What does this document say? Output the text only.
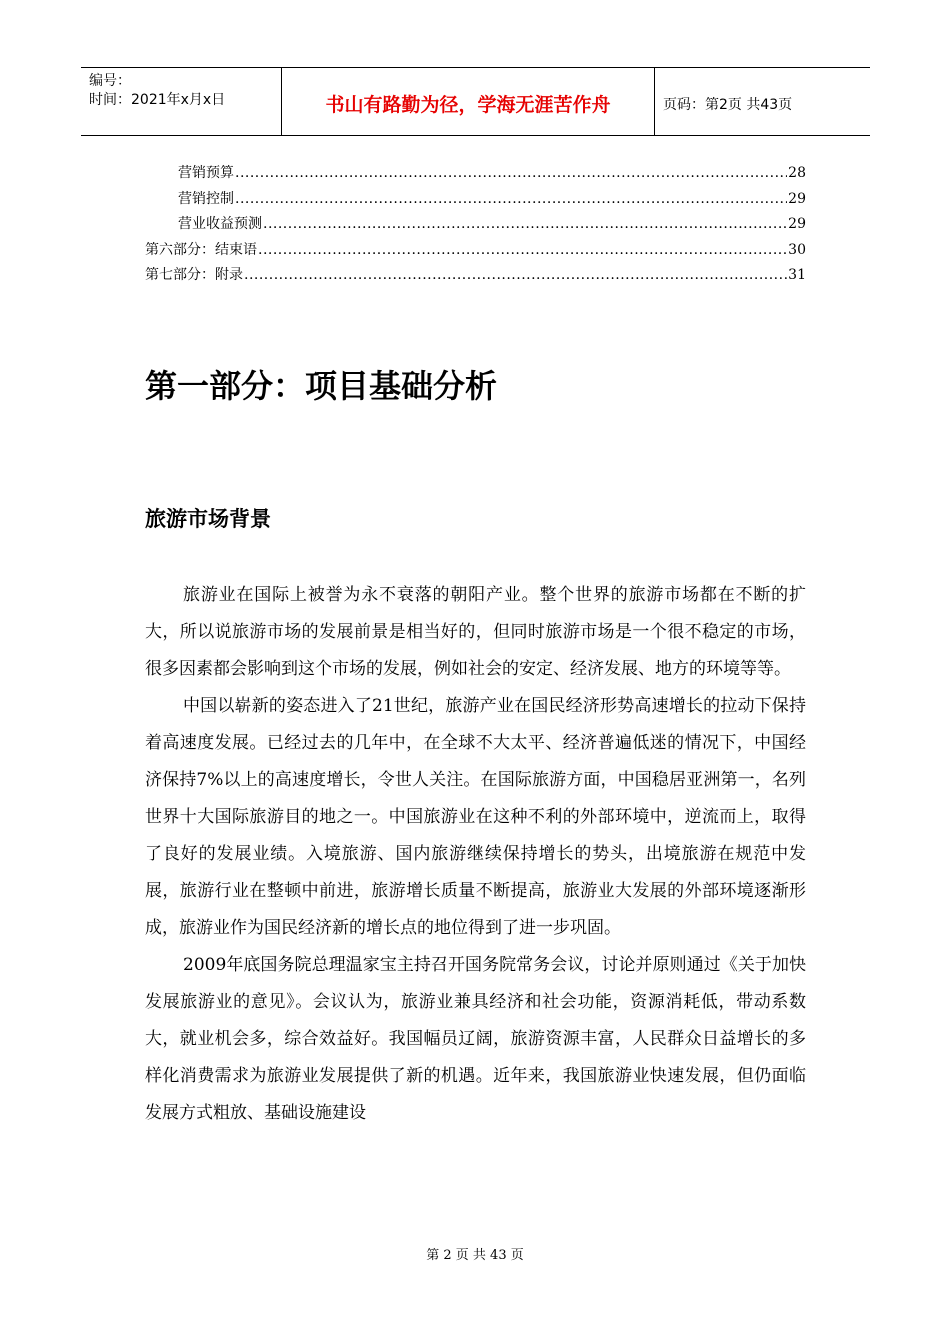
编号：
时间：2021年x月x日	书山有路勤为径，学海无涯苦作舟	页码：第2页 共43页
营销预算 .....	28
营销控制 .....	29
营业收益预测 .....	29
第六部分：结束语 .....	30
第七部分：附录 .....	31
第一部分：项目基础分析
旅游市场背景

旅游业在国际上被誉为永不衰落的朝阳产业。整个世界的旅游市场都在不断的扩大，所以说旅游市场的发展前景是相当好的，但同时旅游市场是一个很不稳定的市场，很多因素都会影响到这个市场的发展，例如社会的安定、经济发展、地方的环境等等。

中国以崭新的姿态进入了21世纪，旅游产业在国民经济形势高速增长的拉动下保持着高速度发展。已经过去的几年中，在全球不大太平、经济普遍低迷的情况下，中国经济保持7%以上的高速度增长，令世人关注。在国际旅游方面，中国稳居亚洲第一，名列世界十大国际旅游目的地之一。中国旅游业在这种不利的外部环境中，逆流而上，取得了良好的发展业绩。入境旅游、国内旅游继续保持增长的势头，出境旅游在规范中发展，旅游行业在整顿中前进，旅游增长质量不断提高，旅游业大发展的外部环境逐渐形成，旅游业作为国民经济新的增长点的地位得到了进一步巩固。

2009年底国务院总理温家宝主持召开国务院常务会议，讨论并原则通过《关于加快发展旅游业的意见》。会议认为，旅游业兼具经济和社会功能，资源消耗低，带动系数大，就业机会多，综合效益好。我国幅员辽阔，旅游资源丰富，人民群众日益增长的多样化消费需求为旅游业发展提供了新的机遇。近年来，我国旅游业快速发展，但仍面临发展方式粗放、基础设施建设

第 2 页 共 43 页
